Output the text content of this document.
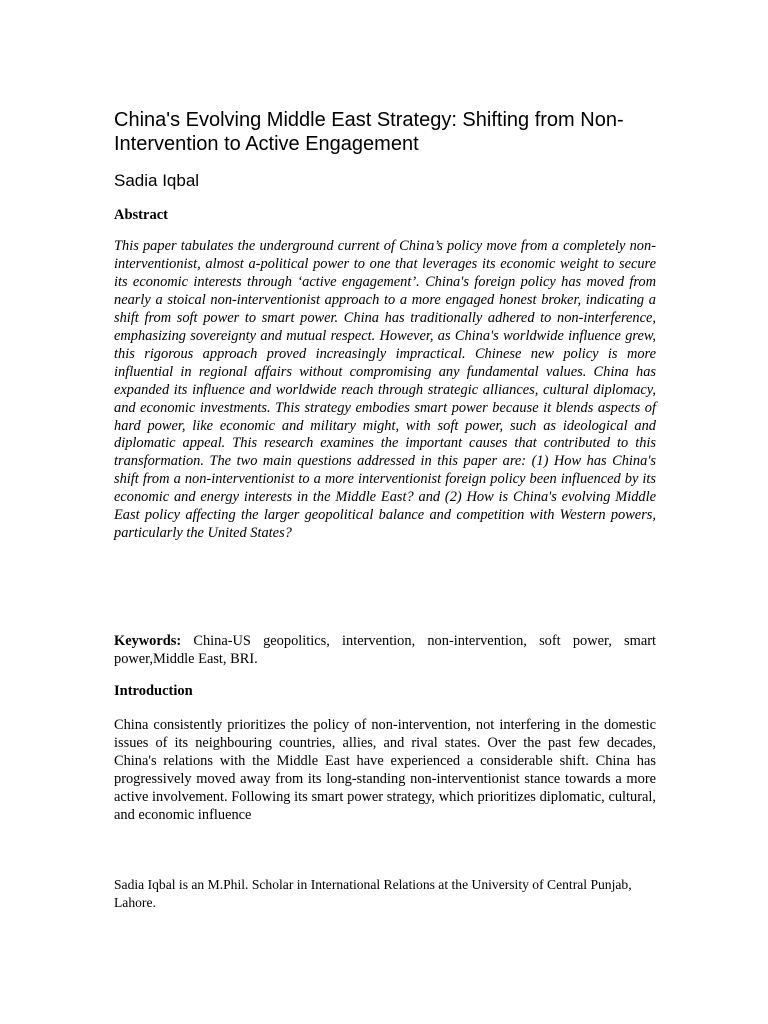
China's Evolving Middle East Strategy: Shifting from Non-Intervention to Active Engagement
Sadia Iqbal
Abstract

This paper tabulates the underground current of China’s policy move from a completely non-interventionist, almost a-political power to one that leverages its economic weight to secure its economic interests through ‘active engagement’. China's foreign policy has moved from nearly a stoical non-interventionist approach to a more engaged honest broker, indicating a shift from soft power to smart power. China has traditionally adhered to non-interference, emphasizing sovereignty and mutual respect. However, as China's worldwide influence grew, this rigorous approach proved increasingly impractical. Chinese new policy is more influential in regional affairs without compromising any fundamental values. China has expanded its influence and worldwide reach through strategic alliances, cultural diplomacy, and economic investments. This strategy embodies smart power because it blends aspects of hard power, like economic and military might, with soft power, such as ideological and diplomatic appeal. This research examines the important causes that contributed to this transformation. The two main questions addressed in this paper are: (1) How has China's shift from a non-interventionist to a more interventionist foreign policy been influenced by its economic and energy interests in the Middle East? and (2) How is China's evolving Middle East policy affecting the larger geopolitical balance and competition with Western powers, particularly the United States?

Keywords: China-US geopolitics, intervention, non-intervention, soft power, smart power,Middle East, BRI.

Introduction

China consistently prioritizes the policy of non-intervention, not interfering in the domestic issues of its neighbouring countries, allies, and rival states. Over the past few decades, China's relations with the Middle East have experienced a considerable shift. China has progressively moved away from its long-standing non-interventionist stance towards a more active involvement. Following its smart power strategy, which prioritizes diplomatic, cultural, and economic influence

Sadia Iqbal is an M.Phil. Scholar in International Relations at the University of Central Punjab, Lahore.
